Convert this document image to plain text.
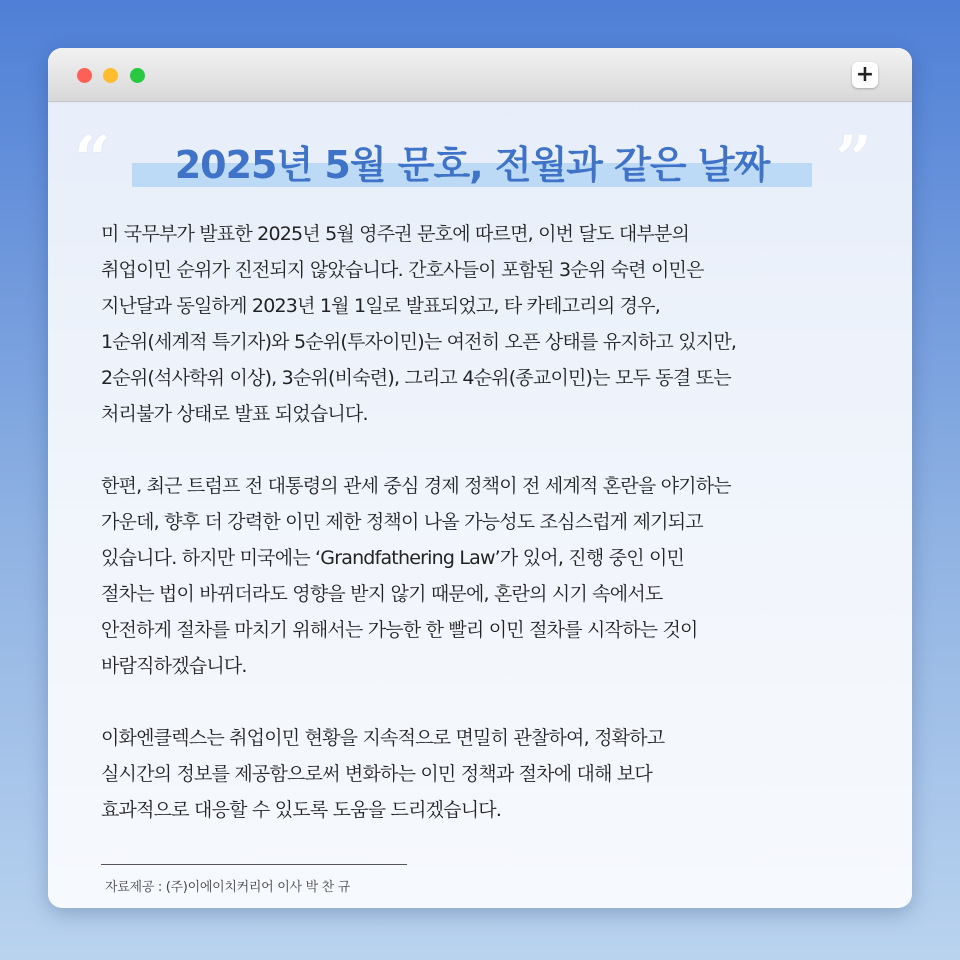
+
“	”
2025년 5월 문호, 전월과 같은 날짜
미 국무부가 발표한 2025년 5월 영주권 문호에 따르면, 이번 달도 대부분의
취업이민 순위가 진전되지 않았습니다. 간호사들이 포함된 3순위 숙련 이민은
지난달과 동일하게 2023년 1월 1일로 발표되었고, 타 카테고리의 경우,
1순위(세계적 특기자)와 5순위(투자이민)는 여전히 오픈 상태를 유지하고 있지만,
2순위(석사학위 이상), 3순위(비숙련), 그리고 4순위(종교이민)는 모두 동결 또는
처리불가 상태로 발표 되었습니다.
한편, 최근 트럼프 전 대통령의 관세 중심 경제 정책이 전 세계적 혼란을 야기하는
가운데, 향후 더 강력한 이민 제한 정책이 나올 가능성도 조심스럽게 제기되고
있습니다. 하지만 미국에는 ‘Grandfathering Law’가 있어, 진행 중인 이민
절차는 법이 바뀌더라도 영향을 받지 않기 때문에, 혼란의 시기 속에서도
안전하게 절차를 마치기 위해서는 가능한 한 빨리 이민 절차를 시작하는 것이
바람직하겠습니다.
이화엔클렉스는 취업이민 현황을 지속적으로 면밀히 관찰하여, 정확하고
실시간의 정보를 제공함으로써 변화하는 이민 정책과 절차에 대해 보다
효과적으로 대응할 수 있도록 도움을 드리겠습니다.
자료제공 : (주)이에이치커리어 이사 박 찬 규
